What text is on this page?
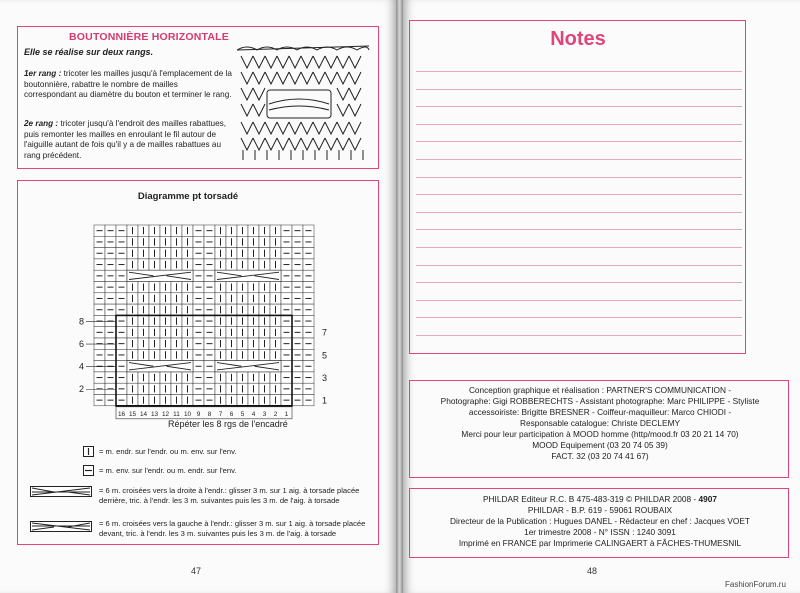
BOUTONNIÈRE HORIZONTALE
Elle se réalise sur deux rangs.
1er rang : tricoter les mailles jusqu'à l'emplacement de la boutonnière, rabattre le nombre de mailles correspondant au diamètre du bouton et terminer le rang.
2e rang : tricoter jusqu'à l'endroit des mailles rabattues, puis remonter les mailles en enroulant le fil autour de l'aiguille autant de fois qu'il y a de mailles rabattues au rang précédent.
Diagramme pt torsadé
8
6
4
2
7
5
3
1
16 15 14 13 12 11 10 9 8 7 6 5 4 3 2 1
Répéter les 8 rgs de l'encadré
= m. endr. sur l'endr. ou m. env. sur l'env.
= m. env. sur l'endr. ou m. endr. sur l'env.
= 6 m. croisées vers la droite à l'endr.: glisser 3 m. sur 1 aig. à torsade placée derrière, tric. à l'endr. les 3 m. suivantes puis les 3 m. de l'aig. à torsade
= 6 m. croisées vers la gauche à l'endr.: glisser 3 m. sur 1 aig. à torsade placée devant, tric. à l'endr. les 3 m. suivantes puis les 3 m. de l'aig. à torsade
47
Notes
Conception graphique et réalisation : PARTNER'S COMMUNICATION -
Photographe: Gigi ROBBERECHTS - Assistant photographe: Marc PHILIPPE - Styliste
accessoiriste: Brigitte BRESNER - Coiffeur-maquilleur: Marco CHIODI -
Responsable catalogue: Christe DECLEMY
Merci pour leur participation à MOOD homme (http/mood.fr 03 20 21 14 70)
MOOD Equipement (03 20 74 05 39)
FACT. 32 (03 20 74 41 67)
PHILDAR Editeur R.C. B 475-483-319 © PHILDAR 2008 - 4907
PHILDAR - B.P. 619 - 59061 ROUBAIX
Directeur de la Publication : Hugues DANEL - Rédacteur en chef : Jacques VOET
1er trimestre 2008 - N° ISSN : 1240 3091
Imprimé en FRANCE par Imprimerie CALINGAERT à FÂCHES-THUMESNIL
48
FashionForum.ru
